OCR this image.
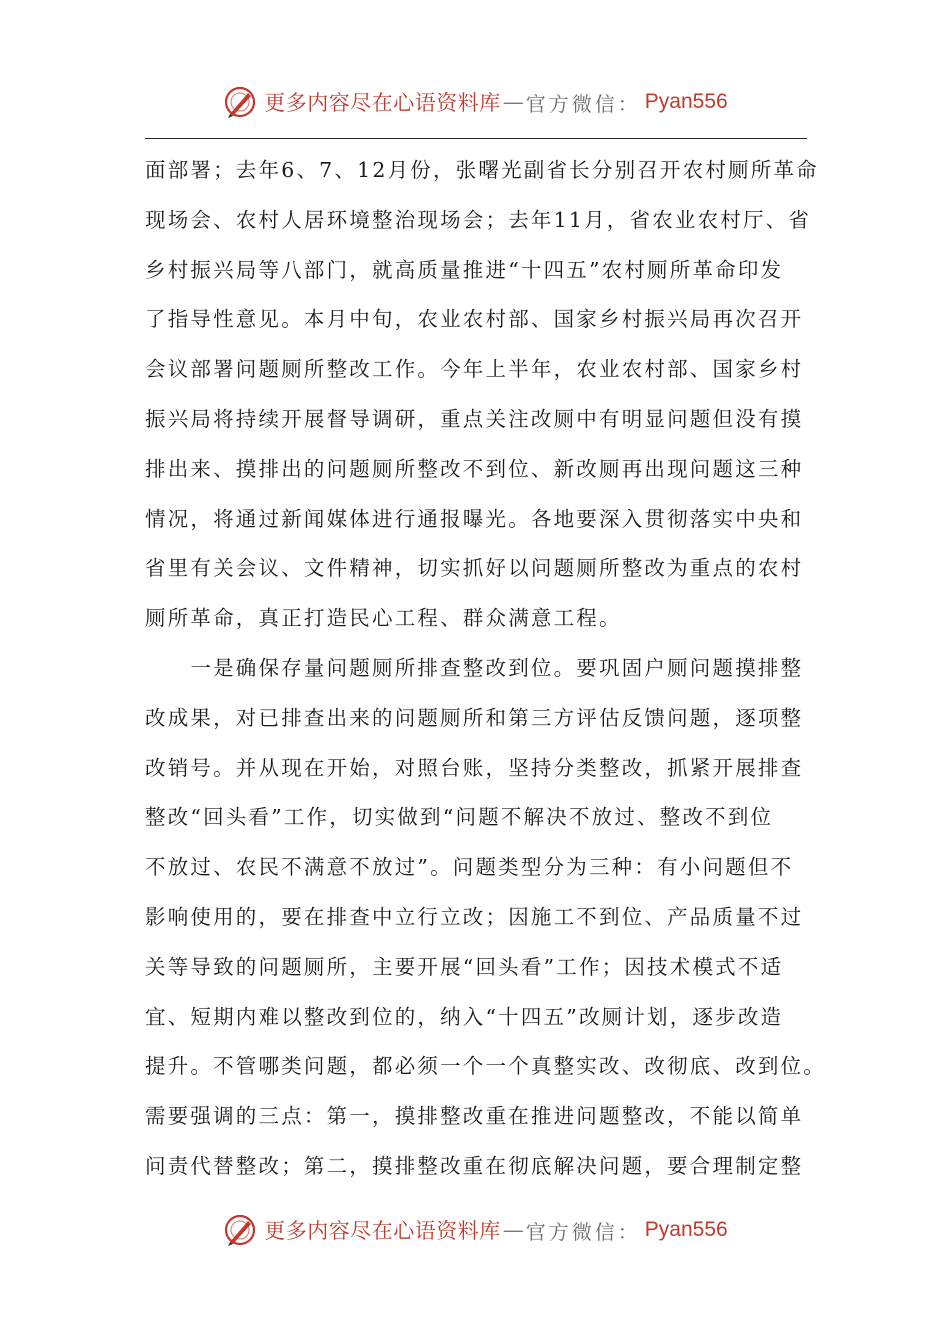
更多内容尽在心语资料库 — 官方微信： Pyan556
面部署；去年6、7、12月份，张曙光副省长分别召开农村厕所革命
现场会、农村人居环境整治现场会；去年11月，省农业农村厅、省
乡村振兴局等八部门，就高质量推进“十四五”农村厕所革命印发
了指导性意见。本月中旬，农业农村部、国家乡村振兴局再次召开
会议部署问题厕所整改工作。今年上半年，农业农村部、国家乡村
振兴局将持续开展督导调研，重点关注改厕中有明显问题但没有摸
排出来、摸排出的问题厕所整改不到位、新改厕再出现问题这三种
情况，将通过新闻媒体进行通报曝光。各地要深入贯彻落实中央和
省里有关会议、文件精神，切实抓好以问题厕所整改为重点的农村
厕所革命，真正打造民心工程、群众满意工程。
　　一是确保存量问题厕所排查整改到位。要巩固户厕问题摸排整
改成果，对已排查出来的问题厕所和第三方评估反馈问题，逐项整
改销号。并从现在开始，对照台账，坚持分类整改，抓紧开展排查
整改“回头看”工作，切实做到“问题不解决不放过、整改不到位
不放过、农民不满意不放过”。问题类型分为三种：有小问题但不
影响使用的，要在排查中立行立改；因施工不到位、产品质量不过
关等导致的问题厕所，主要开展“回头看”工作；因技术模式不适
宜、短期内难以整改到位的，纳入“十四五”改厕计划，逐步改造
提升。不管哪类问题，都必须一个一个真整实改、改彻底、改到位。
需要强调的三点：第一，摸排整改重在推进问题整改，不能以简单
问责代替整改；第二，摸排整改重在彻底解决问题，要合理制定整
更多内容尽在心语资料库 — 官方微信： Pyan556
